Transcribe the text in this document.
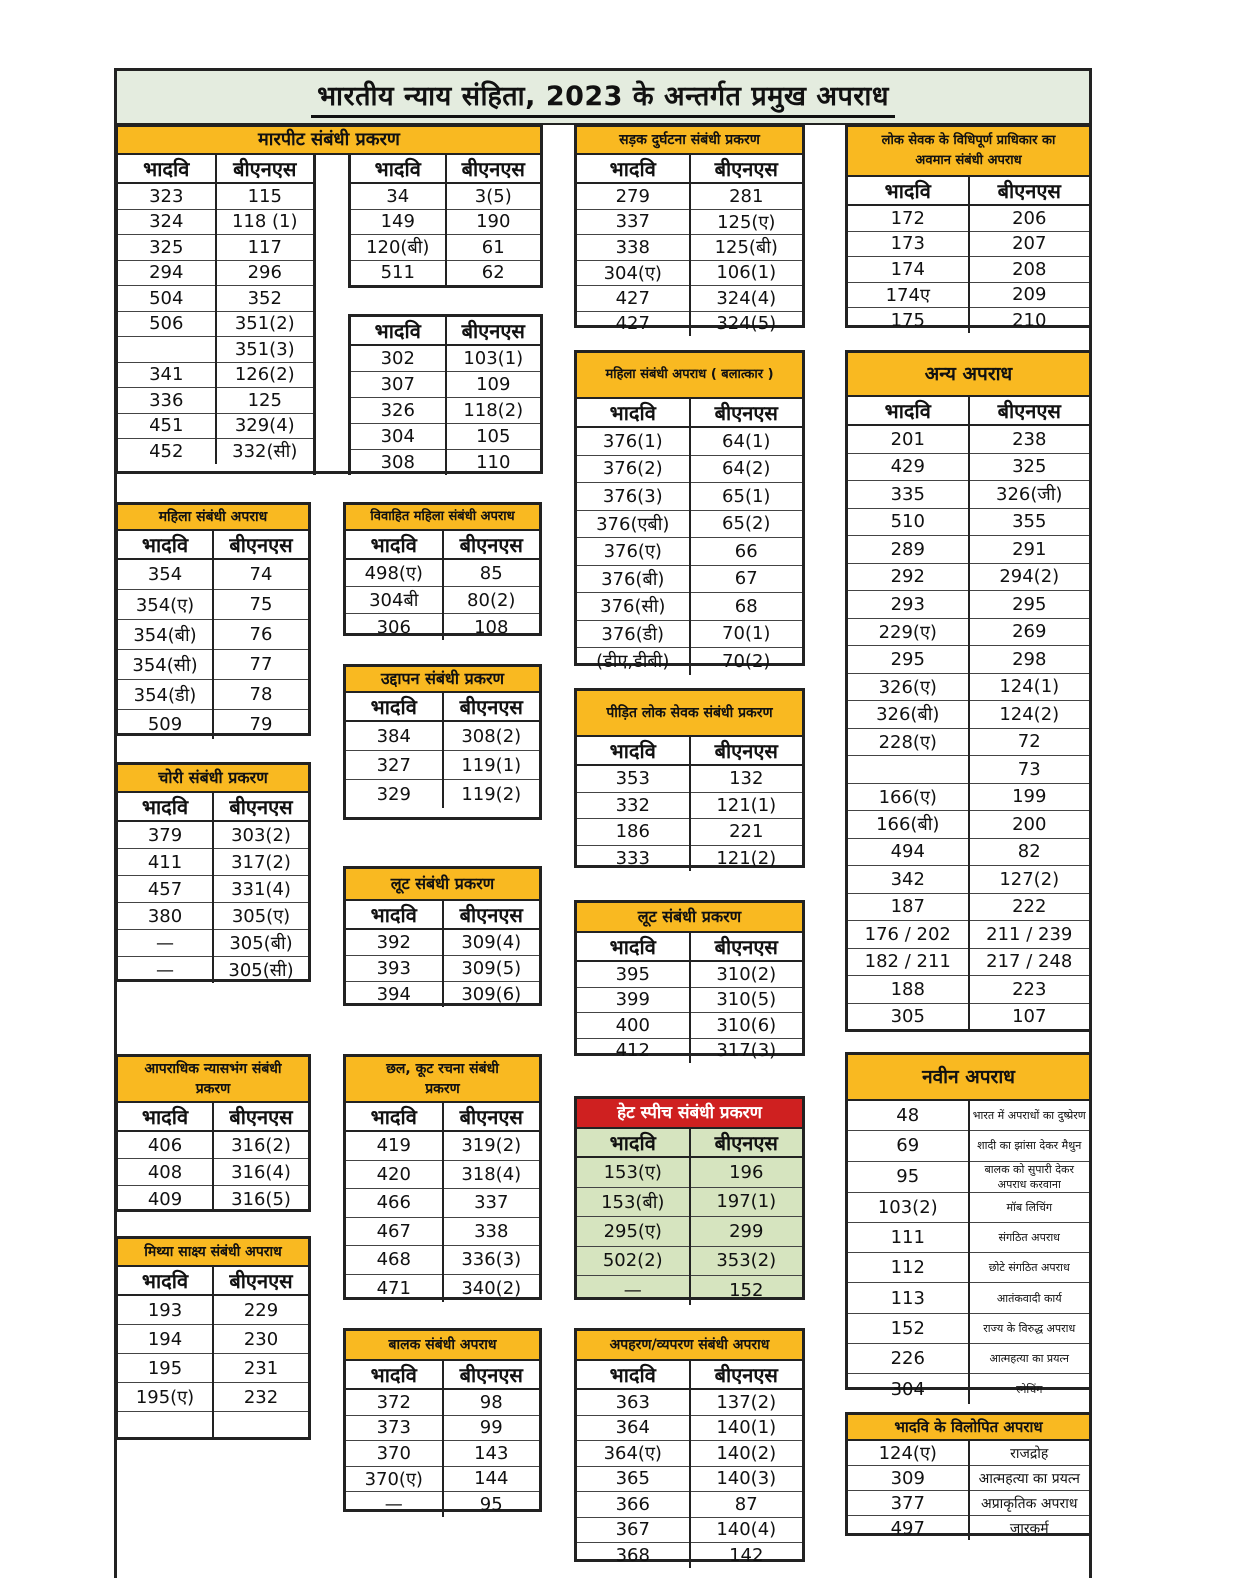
भारतीय न्याय संहिता, 2023 के अन्तर्गत प्रमुख अपराध
मारपीट संबंधी प्रकरण
भादवि	बीएनएस
323	115
324	118 (1)
325	117
294	296
504	352
506	351(2)
	351(3)
341	126(2)
336	125
451	329(4)
452	332(सी)
भादवि	बीएनएस
34	3(5)
149	190
120(बी)	61
511	62
भादवि	बीएनएस
302	103(1)
307	109
326	118(2)
304	105
308	110
महिला संबंधी अपराध
भादवि	बीएनएस
354	74
354(ए)	75
354(बी)	76
354(सी)	77
354(डी)	78
509	79
चोरी संबंधी प्रकरण
भादवि	बीएनएस
379	303(2)
411	317(2)
457	331(4)
380	305(ए)
—	305(बी)
—	305(सी)
आपराधिक न्यासभंग संबंधी प्रकरण
भादवि	बीएनएस
406	316(2)
408	316(4)
409	316(5)
मिथ्या साक्ष्य संबंधी अपराध
भादवि	बीएनएस
193	229
194	230
195	231
195(ए)	232

विवाहित महिला संबंधी अपराध
भादवि	बीएनएस
498(ए)	85
304बी	80(2)
306	108
उद्दापन संबंधी प्रकरण
भादवि	बीएनएस
384	308(2)
327	119(1)
329	119(2)
लूट संबंधी प्रकरण
भादवि	बीएनएस
392	309(4)
393	309(5)
394	309(6)
छल, कूट रचना संबंधी प्रकरण
भादवि	बीएनएस
419	319(2)
420	318(4)
466	337
467	338
468	336(3)
471	340(2)
बालक संबंधी अपराध
भादवि	बीएनएस
372	98
373	99
370	143
370(ए)	144
—	95
सड़क दुर्घटना संबंधी प्रकरण
भादवि	बीएनएस
279	281
337	125(ए)
338	125(बी)
304(ए)	106(1)
427	324(4)
427	324(5)
महिला संबंधी अपराध ( बलात्कार )
भादवि	बीएनएस
376(1)	64(1)
376(2)	64(2)
376(3)	65(1)
376(एबी)	65(2)
376(ए)	66
376(बी)	67
376(सी)	68
376(डी)	70(1)
(डीए,डीबी)	70(2)
पीड़ित लोक सेवक संबंधी प्रकरण
भादवि	बीएनएस
353	132
332	121(1)
186	221
333	121(2)
लूट संबंधी प्रकरण
भादवि	बीएनएस
395	310(2)
399	310(5)
400	310(6)
412	317(3)
हेट स्पीच संबंधी प्रकरण
भादवि	बीएनएस
153(ए)	196
153(बी)	197(1)
295(ए)	299
502(2)	353(2)
—	152
अपहरण/व्यपरण संबंधी अपराध
भादवि	बीएनएस
363	137(2)
364	140(1)
364(ए)	140(2)
365	140(3)
366	87
367	140(4)
368	142
लोक सेवक के विधिपूर्ण प्राधिकार का अवमान संबंधी अपराध
भादवि	बीएनएस
172	206
173	207
174	208
174ए	209
175	210
अन्य अपराध
भादवि	बीएनएस
201	238
429	325
335	326(जी)
510	355
289	291
292	294(2)
293	295
229(ए)	269
295	298
326(ए)	124(1)
326(बी)	124(2)
228(ए)	72
	73
166(ए)	199
166(बी)	200
494	82
342	127(2)
187	222
176 / 202	211 / 239
182 / 211	217 / 248
188	223
305	107
नवीन अपराध
48	भारत में अपराधों का दुष्प्रेरण
69	शादी का झांसा देकर मैथुन
95	बालक को सुपारी देकर अपराध करवाना
103(2)	मॉब लिचिंग
111	संगठित अपराध
112	छोटे संगठित अपराध
113	आतंकवादी कार्य
152	राज्य के विरुद्ध अपराध
226	आत्महत्या का प्रयत्न
304	स्नेचिंग
भादवि के विलोपित अपराध
124(ए)	राजद्रोह
309	आत्महत्या का प्रयत्न
377	अप्राकृतिक अपराध
497	जारकर्म
